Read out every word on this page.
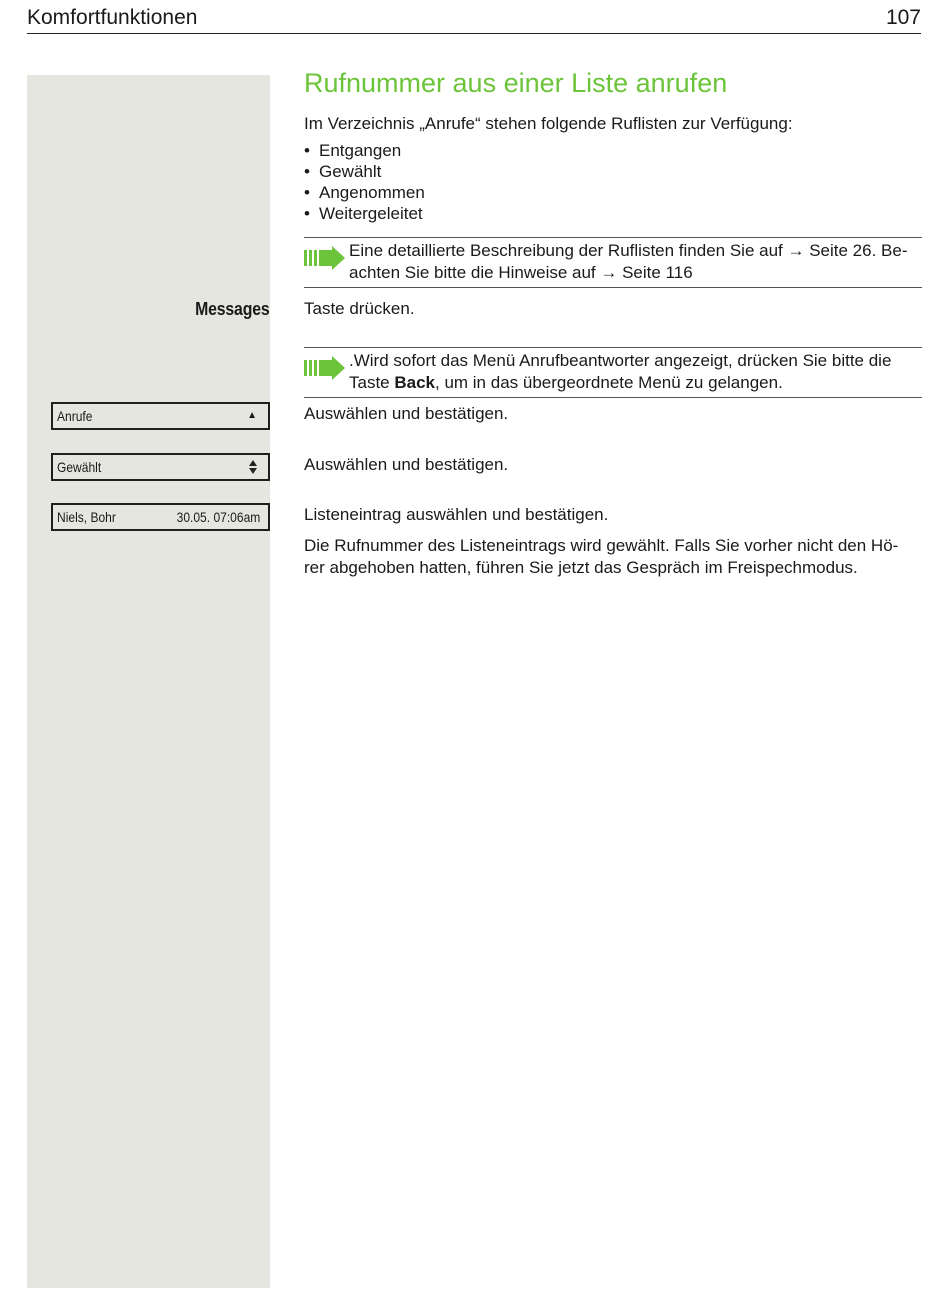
Komfortfunktionen	107
Rufnummer aus einer Liste anrufen
Im Verzeichnis „Anrufe“ stehen folgende Ruflisten zur Verfügung:
• Entgangen
• Gewählt
• Angenommen
• Weitergeleitet
Eine detaillierte Beschreibung der Ruflisten finden Sie auf → Seite 26. Be-
achten Sie bitte die Hinweise auf → Seite 116
Messages Taste drücken.
.Wird sofort das Menü Anrufbeantworter angezeigt, drücken Sie bitte die
Taste Back, um in das übergeordnete Menü zu gelangen.
Anrufe	▲	Auswählen und bestätigen.
Gewählt	Auswählen und bestätigen.
Niels, Bohr	30.05. 07:06am	Listeneintrag auswählen und bestätigen.
Die Rufnummer des Listeneintrags wird gewählt. Falls Sie vorher nicht den Hö-
rer abgehoben hatten, führen Sie jetzt das Gespräch im Freispechmodus.
